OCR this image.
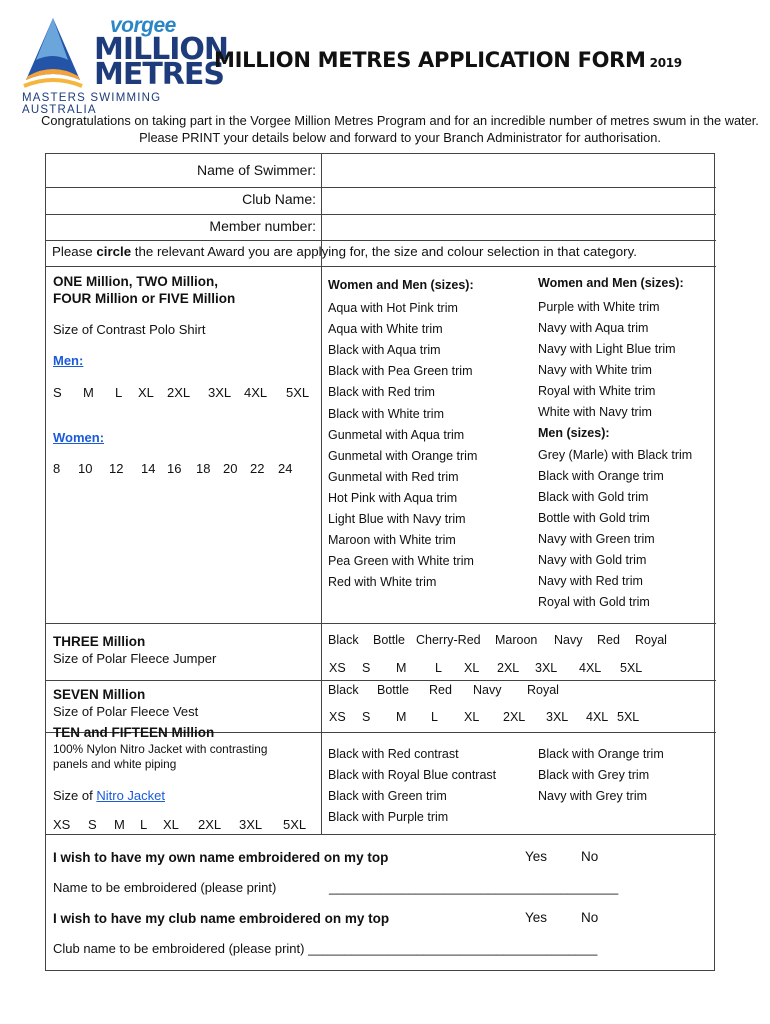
vorgee
MILLION
METRES
MASTERS SWIMMING AUSTRALIA
MILLION METRES APPLICATION FORM 2019
Congratulations on taking part in the Vorgee Million Metres Program and for an incredible number of metres swum in the water. Please PRINT your details below and forward to your Branch Administrator for authorisation.
Name of Swimmer:
Club Name:
Member number:
Please circle the relevant Award you are applying for, the size and colour selection in that category.
ONE Million, TWO Million,
FOUR Million or FIVE Million
Size of Contrast Polo Shirt
Men:
S M L XL 2XL 3XL 4XL 5XL
Women:
8 10 12 14 16 18 20 22 24
Women and Men (sizes):
Aqua with Hot Pink trim
Aqua with White trim
Black with Aqua trim
Black with Pea Green trim
Black with Red trim
Black with White trim
Gunmetal with Aqua trim
Gunmetal with Orange trim
Gunmetal with Red trim
Hot Pink with Aqua trim
Light Blue with Navy trim
Maroon with White trim
Pea Green with White trim
Red with White trim
Women and Men (sizes):
Purple with White trim
Navy with Aqua trim
Navy with Light Blue trim
Navy with White trim
Royal with White trim
White with Navy trim
Men (sizes):
Grey (Marle) with Black trim
Black with Orange trim
Black with Gold trim
Bottle with Gold trim
Navy with Green trim
Navy with Gold trim
Navy with Red trim
Royal with Gold trim
THREE Million
Size of Polar Fleece Jumper
Black Bottle Cherry-Red Maroon Navy Red Royal
XS S M L XL 2XL 3XL 4XL 5XL
SEVEN Million
Size of Polar Fleece Vest
Black Bottle Red Navy Royal
XS S M L XL 2XL 3XL 4XL 5XL
TEN and FIFTEEN Million
100% Nylon Nitro Jacket with contrasting
panels and white piping
Size of Nitro Jacket
XS S M L XL 2XL 3XL 5XL
Black with Red contrast
Black with Royal Blue contrast
Black with Green trim
Black with Purple trim
Black with Orange trim
Black with Grey trim
Navy with Grey trim
I wish to have my own name embroidered on my top	Yes	No
Name to be embroidered (please print)	________________________________________
I wish to have my club name embroidered on my top	Yes	No
Club name to be embroidered (please print) ________________________________________
